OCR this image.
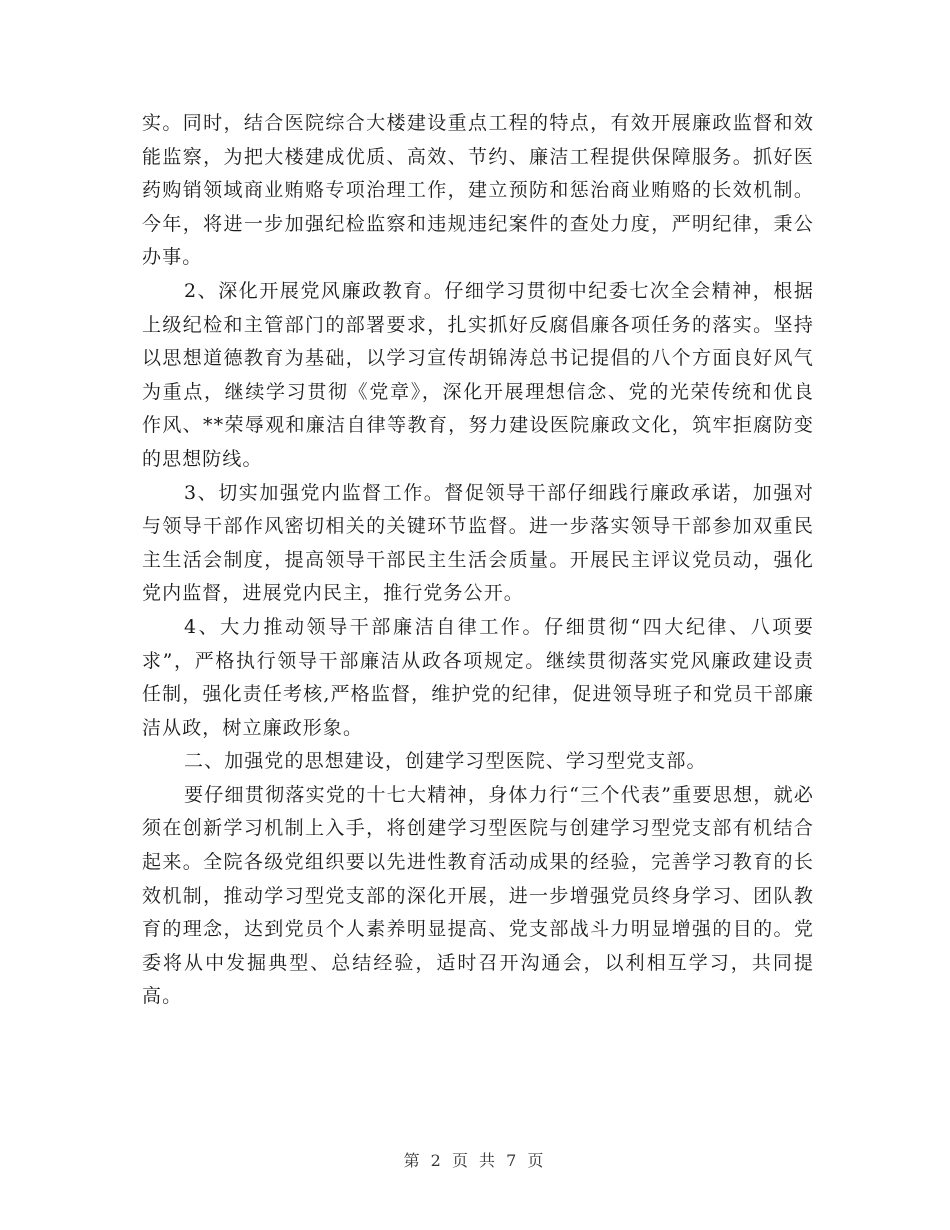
实。同时，结合医院综合大楼建设重点工程的特点，有效开展廉政监督和效能监察，为把大楼建成优质、高效、节约、廉洁工程提供保障服务。抓好医药购销领域商业贿赂专项治理工作，建立预防和惩治商业贿赂的长效机制。今年，将进一步加强纪检监察和违规违纪案件的查处力度，严明纪律，秉公办事。

2、深化开展党风廉政教育。仔细学习贯彻中纪委七次全会精神，根据上级纪检和主管部门的部署要求，扎实抓好反腐倡廉各项任务的落实。坚持以思想道德教育为基础，以学习宣传胡锦涛总书记提倡的八个方面良好风气为重点，继续学习贯彻《党章》，深化开展理想信念、党的光荣传统和优良作风、**荣辱观和廉洁自律等教育，努力建设医院廉政文化，筑牢拒腐防变的思想防线。

3、切实加强党内监督工作。督促领导干部仔细践行廉政承诺，加强对与领导干部作风密切相关的关键环节监督。进一步落实领导干部参加双重民主生活会制度，提高领导干部民主生活会质量。开展民主评议党员动，强化党内监督，进展党内民主，推行党务公开。

4、大力推动领导干部廉洁自律工作。仔细贯彻“四大纪律、八项要求”，严格执行领导干部廉洁从政各项规定。继续贯彻落实党风廉政建设责任制，强化责任考核,严格监督，维护党的纪律，促进领导班子和党员干部廉洁从政，树立廉政形象。

二、加强党的思想建设，创建学习型医院、学习型党支部。

要仔细贯彻落实党的十七大精神，身体力行“三个代表”重要思想，就必须在创新学习机制上入手，将创建学习型医院与创建学习型党支部有机结合起来。全院各级党组织要以先进性教育活动成果的经验，完善学习教育的长效机制，推动学习型党支部的深化开展，进一步增强党员终身学习、团队教育的理念，达到党员个人素养明显提高、党支部战斗力明显增强的目的。党委将从中发掘典型、总结经验，适时召开沟通会，以利相互学习，共同提高。

第 2 页 共 7 页
